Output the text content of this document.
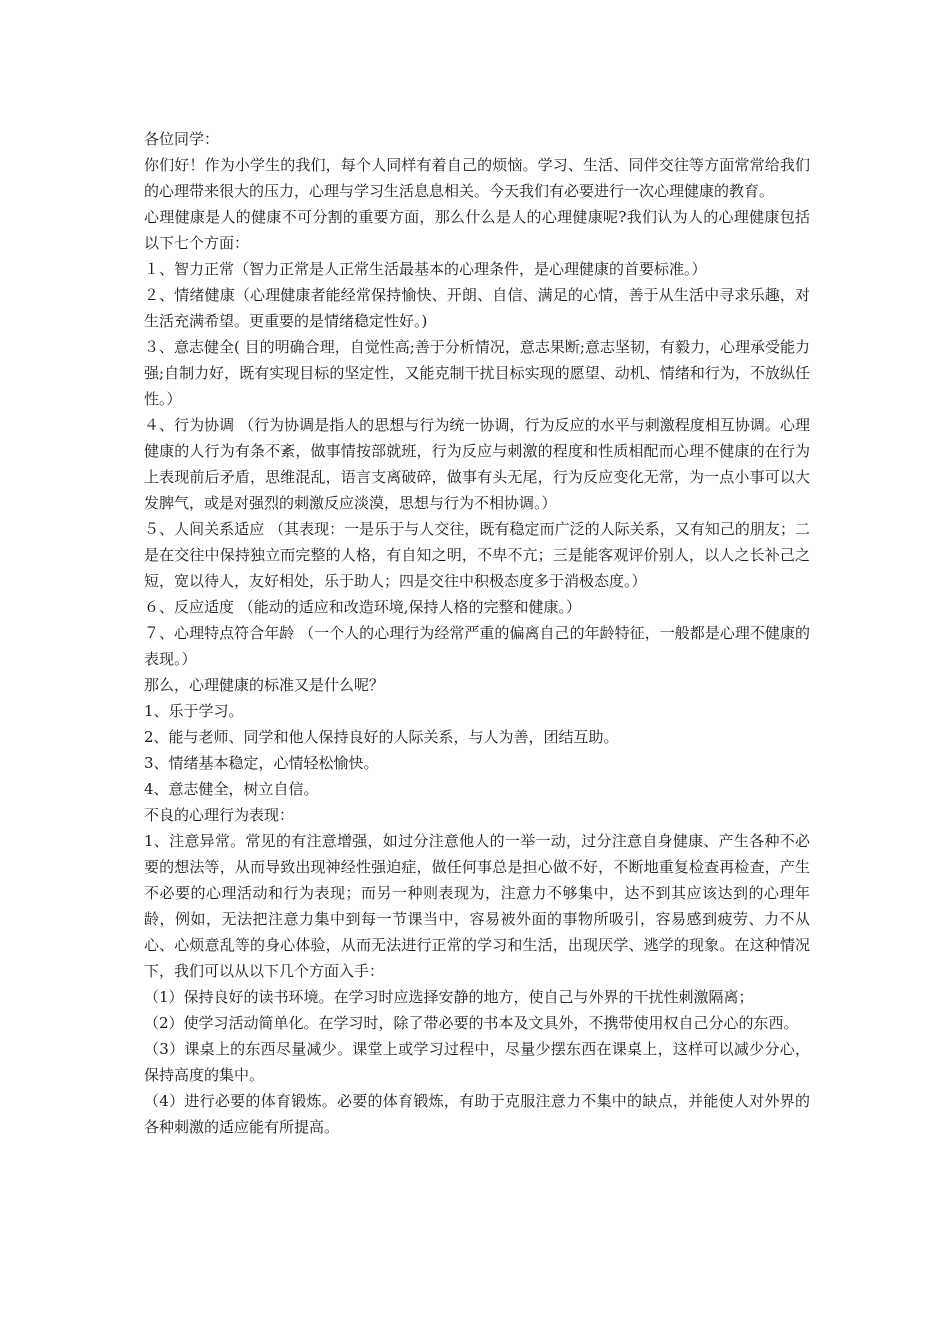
各位同学：

你们好！作为小学生的我们，每个人同样有着自己的烦恼。学习、生活、同伴交往等方面常常给我们的心理带来很大的压力，心理与学习生活息息相关。今天我们有必要进行一次心理健康的教育。

心理健康是人的健康不可分割的重要方面，那么什么是人的心理健康呢?我们认为人的心理健康包括以下七个方面：

１、智力正常（智力正常是人正常生活最基本的心理条件，是心理健康的首要标准。）

２、情绪健康（心理健康者能经常保持愉快、开朗、自信、满足的心情，善于从生活中寻求乐趣，对生活充满希望。更重要的是情绪稳定性好。)

３、意志健全( 目的明确合理，自觉性高;善于分析情况，意志果断;意志坚韧，有毅力，心理承受能力强;自制力好，既有实现目标的坚定性，又能克制干扰目标实现的愿望、动机、情绪和行为，不放纵任性。）

４、行为协调 （行为协调是指人的思想与行为统一协调，行为反应的水平与刺激程度相互协调。心理健康的人行为有条不紊，做事情按部就班，行为反应与刺激的程度和性质相配而心理不健康的在行为上表现前后矛盾，思维混乱，语言支离破碎，做事有头无尾，行为反应变化无常，为一点小事可以大发脾气，或是对强烈的刺激反应淡漠，思想与行为不相协调。）

５、人间关系适应 （其表现：一是乐于与人交往，既有稳定而广泛的人际关系，又有知己的朋友；二是在交往中保持独立而完整的人格，有自知之明，不卑不亢；三是能客观评价别人，以人之长补己之短，宽以待人，友好相处，乐于助人；四是交往中积极态度多于消极态度。）

６、反应适度 （能动的适应和改造环境,保持人格的完整和健康。）

７、心理特点符合年龄 （一个人的心理行为经常严重的偏离自己的年龄特征，一般都是心理不健康的表现。）

那么，心理健康的标准又是什么呢？

1、乐于学习。

2、能与老师、同学和他人保持良好的人际关系，与人为善，团结互助。

3、情绪基本稳定，心情轻松愉快。

4、意志健全，树立自信。

不良的心理行为表现：

1、注意异常。常见的有注意增强，如过分注意他人的一举一动，过分注意自身健康、产生各种不必要的想法等，从而导致出现神经性强迫症，做任何事总是担心做不好，不断地重复检查再检查，产生不必要的心理活动和行为表现；而另一种则表现为，注意力不够集中，达不到其应该达到的心理年龄，例如，无法把注意力集中到每一节课当中，容易被外面的事物所吸引，容易感到疲劳、力不从心、心烦意乱等的身心体验，从而无法进行正常的学习和生活，出现厌学、逃学的现象。在这种情况下，我们可以从以下几个方面入手：

（1）保持良好的读书环境。在学习时应选择安静的地方，使自己与外界的干扰性刺激隔离；

（2）使学习活动简单化。在学习时，除了带必要的书本及文具外，不携带使用权自己分心的东西。

（3）课桌上的东西尽量减少。课堂上或学习过程中，尽量少摆东西在课桌上，这样可以减少分心，保持高度的集中。

（4）进行必要的体育锻炼。必要的体育锻炼，有助于克服注意力不集中的缺点，并能使人对外界的各种刺激的适应能有所提高。
